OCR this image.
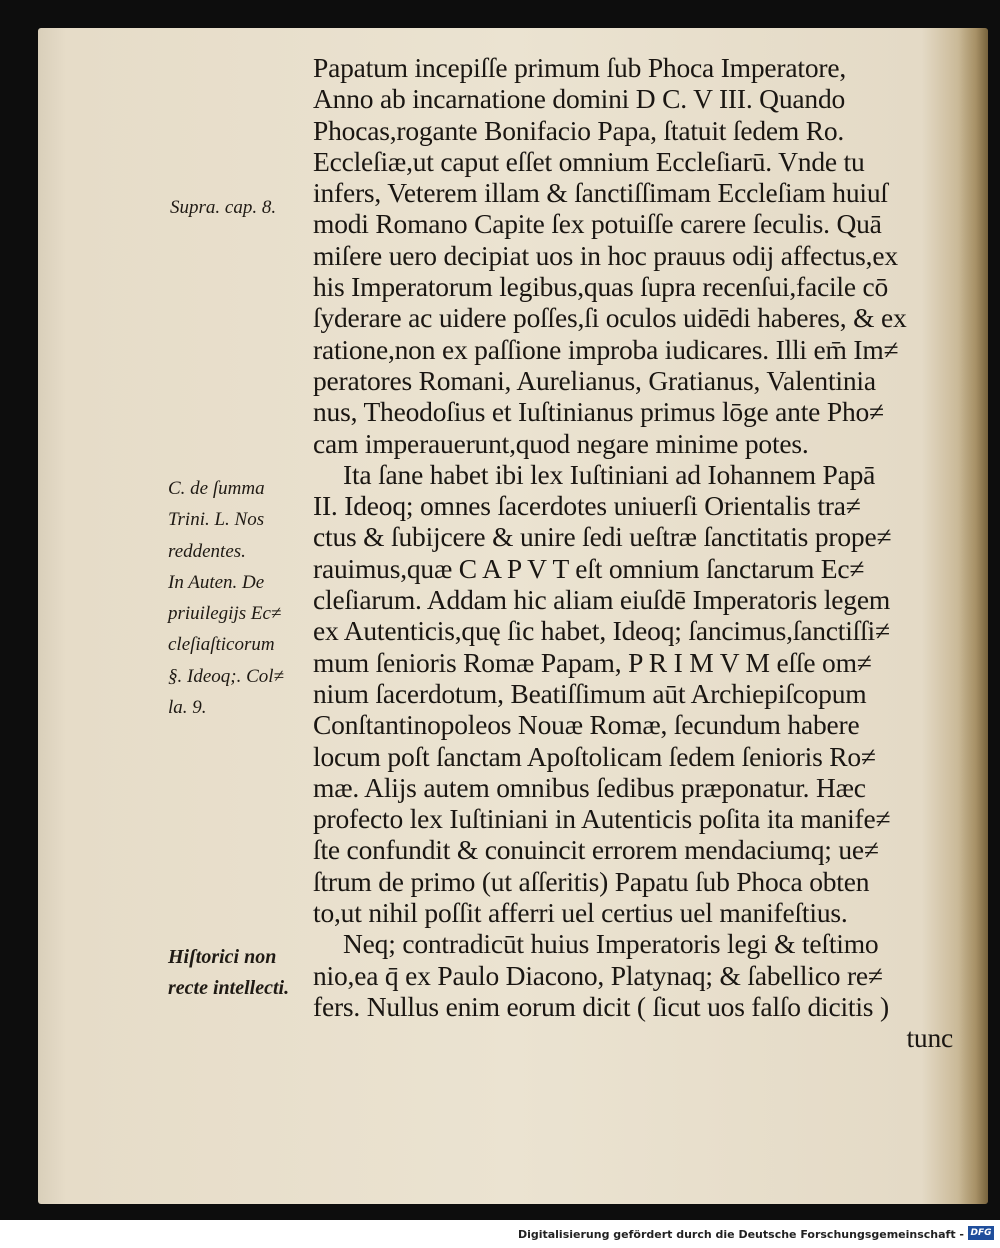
Papatum incepiſſe primum ſub Phoca Imperatore,
Anno ab incarnatione domini D C. V III. Quando
Phocas,rogante Bonifacio Papa, ſtatuit ſedem Ro.
Eccleſiæ,ut caput eſſet omnium Eccleſiarū. Vnde tu
infers, Veterem illam & ſanctiſſimam Eccleſiam huiuſ
modi Romano Capite ſex potuiſſe carere ſeculis. Quā
miſere uero decipiat uos in hoc prauus odij affectus,ex
his Imperatorum legibus,quas ſupra recenſui,facile cō
ſyderare ac uidere poſſes,ſi oculos uidēdi haberes, & ex
ratione,non ex paſſione improba iudicares. Illi em̄ Im≠
peratores Romani, Aurelianus, Gratianus, Valentinia
nus, Theodoſius et Iuſtinianus primus lōge ante Pho≠
cam imperauerunt,quod negare minime potes.
Ita ſane habet ibi lex Iuſtiniani ad Iohannem Papā
II. Ideoq; omnes ſacerdotes uniuerſi Orientalis tra≠
ctus & ſubijcere & unire ſedi ueſtræ ſanctitatis prope≠
rauimus,quæ C A P V T eſt omnium ſanctarum Ec≠
cleſiarum. Addam hic aliam eiuſdē Imperatoris legem
ex Autenticis,quę ſic habet, Ideoq; ſancimus,ſanctiſſi≠
mum ſenioris Romæ Papam, P R I M V M eſſe om≠
nium ſacerdotum, Beatiſſimum aūt Archiepiſcopum
Conſtantinopoleos Nouæ Romæ, ſecundum habere
locum poſt ſanctam Apoſtolicam ſedem ſenioris Ro≠
mæ. Alijs autem omnibus ſedibus præponatur. Hæc
profecto lex Iuſtiniani in Autenticis poſita ita manife≠
ſte confundit & conuincit errorem mendaciumq; ue≠
ſtrum de primo (ut aſſeritis) Papatu ſub Phoca obten
to,ut nihil poſſit afferri uel certius uel manifeſtius.
Neq; contradicūt huius Imperatoris legi & teſtimo
nio,ea q̄ ex Paulo Diacono, Platynaq; & ſabellico re≠
fers. Nullus enim eorum dicit ( ſicut uos falſo dicitis )
tunc
Supra. cap. 8.
C. de ſumma
Trini. L. Nos
reddentes.
In Auten. De
priuilegijs Ec≠
cleſiaſticorum
§. Ideoq;. Col≠
la. 9.
Hiſtorici non
recte intellecti.
Digitalisierung gefördert durch die Deutsche Forschungsgemeinschaft - DFG
